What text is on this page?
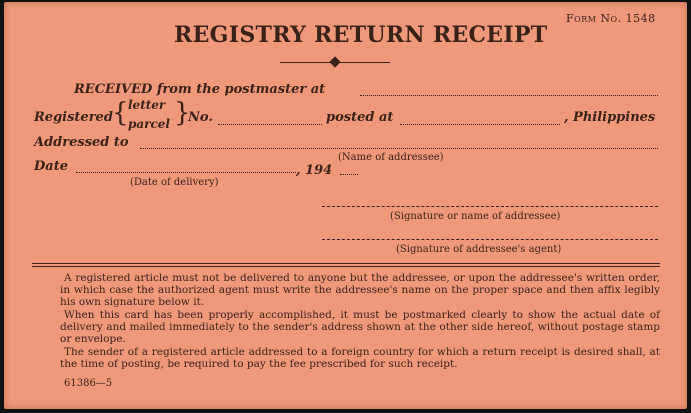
Form No. 1548
REGISTRY RETURN RECEIPT
RECEIVED from the postmaster at
Registered { letter
parcel }
No.	posted at	, Philippines
Addressed to
(Name of addressee)
Date	, 194
(Date of delivery)
(Signature or name of addressee)
(Signature of addressee's agent)
A registered article must not be delivered to anyone but the addressee, or upon the addressee's written order, in which case the authorized agent must write the addressee's name on the proper space and then affix legibly his own signature below it.
When this card has been properly accomplished, it must be postmarked clearly to show the actual date of delivery and mailed immediately to the sender's address shown at the other side hereof, without postage stamp or envelope.
The sender of a registered article addressed to a foreign country for which a return receipt is desired shall, at the time of posting, be required to pay the fee prescribed for such receipt.
61386—5
